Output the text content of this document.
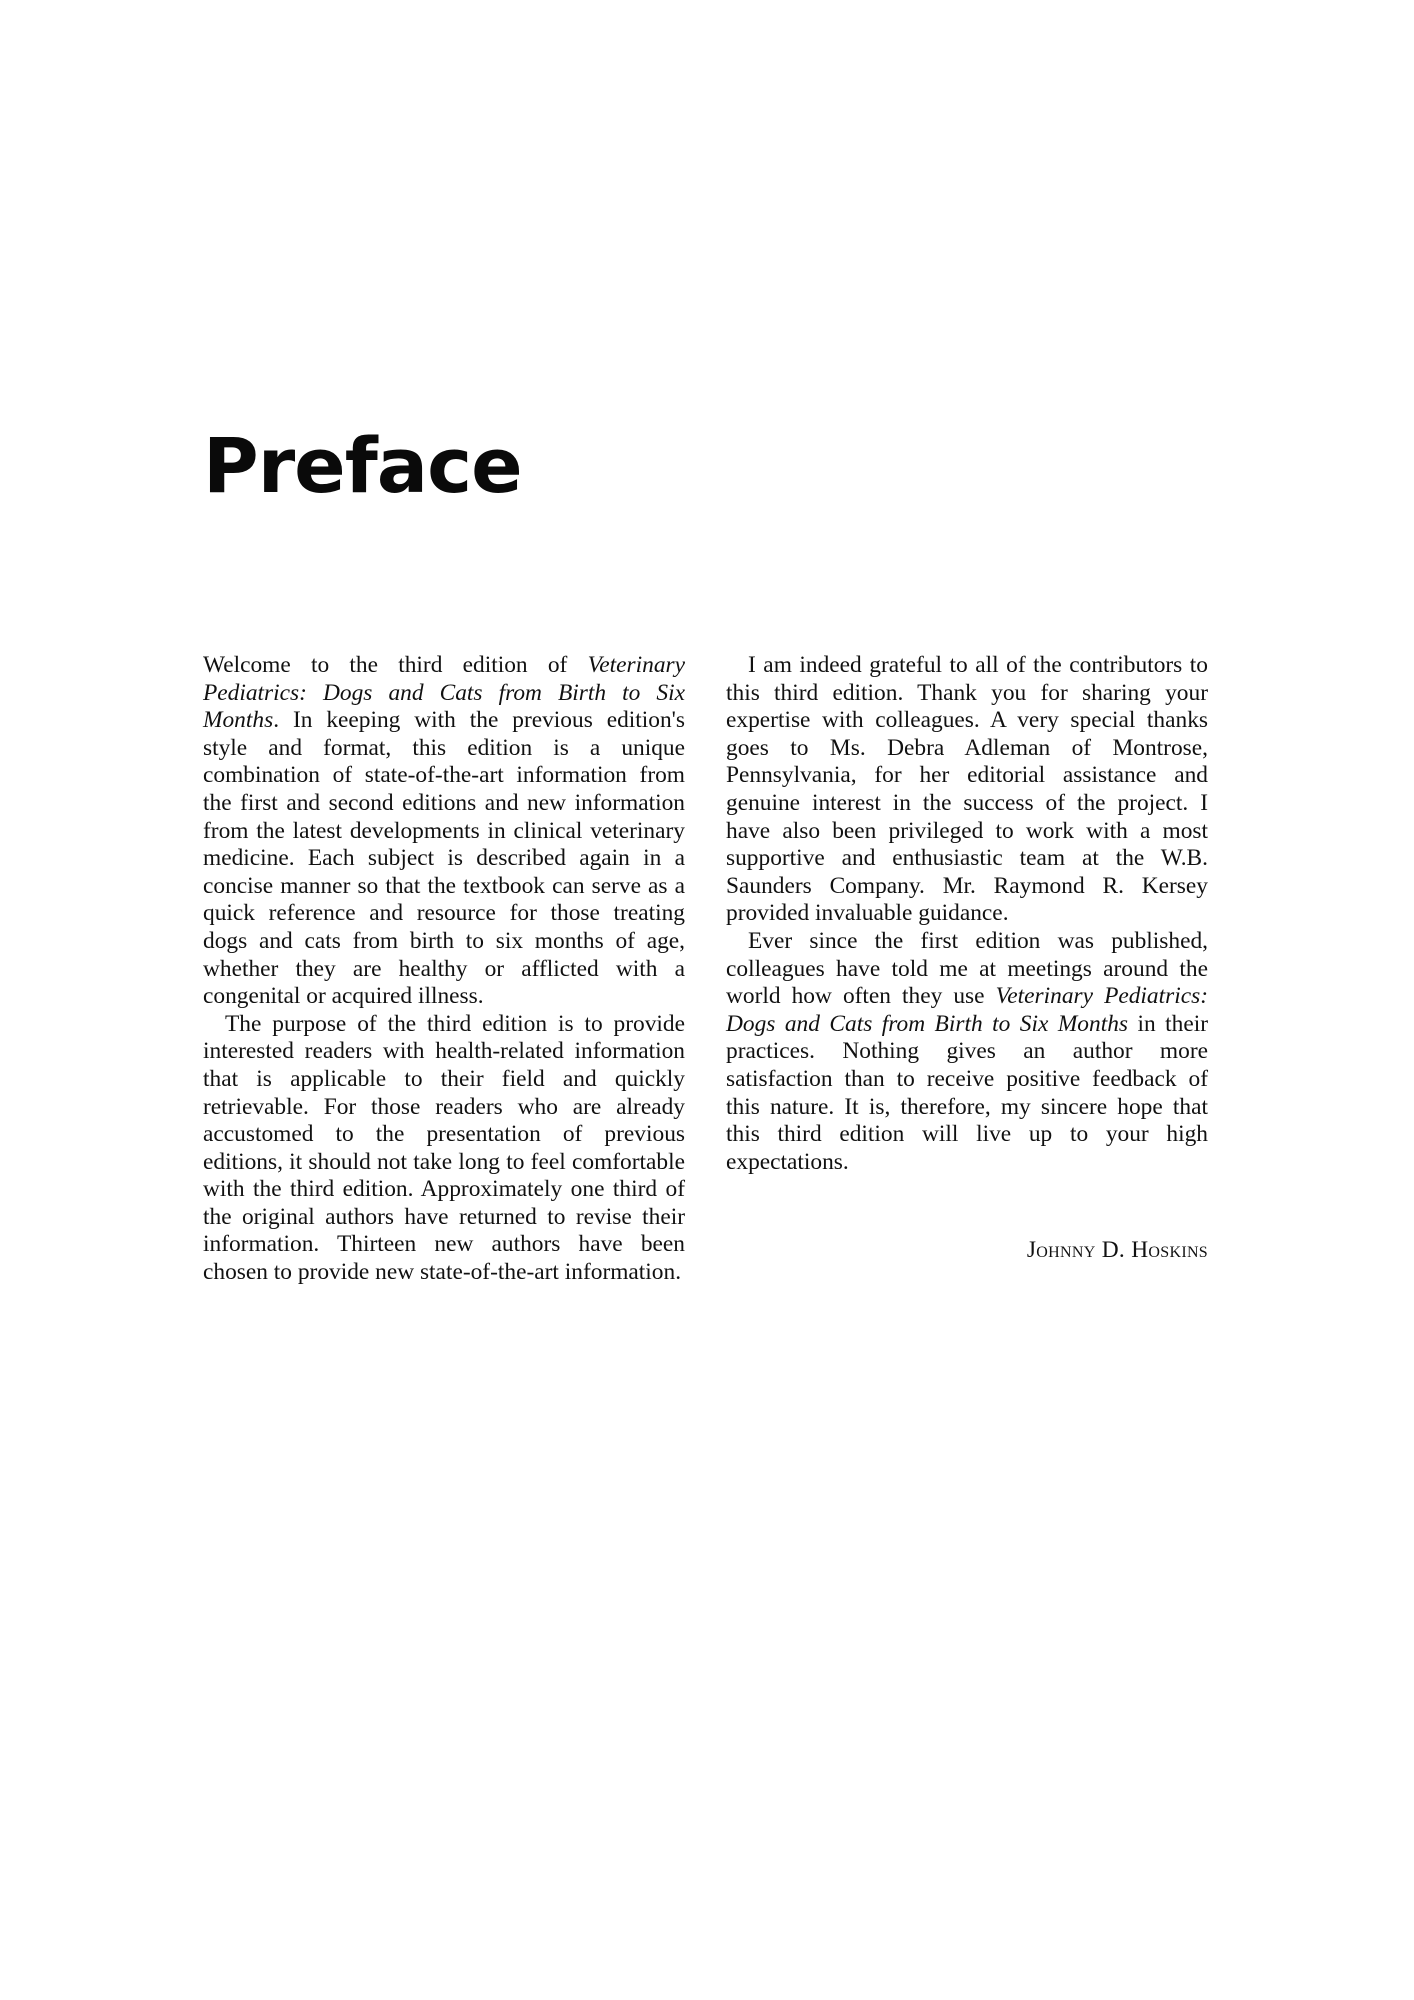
Preface

Welcome to the third edition of Veterinary Pediatrics: Dogs and Cats from Birth to Six Months. In keeping with the previous edition's style and format, this edition is a unique combination of state-of-the-art information from the first and second editions and new information from the latest developments in clinical veterinary medicine. Each subject is described again in a concise manner so that the textbook can serve as a quick reference and resource for those treating dogs and cats from birth to six months of age, whether they are healthy or afflicted with a congenital or acquired illness.

The purpose of the third edition is to provide interested readers with health-related information that is applicable to their field and quickly retrievable. For those readers who are already accustomed to the presentation of previous editions, it should not take long to feel comfortable with the third edition. Approximately one third of the original authors have returned to revise their information. Thirteen new authors have been chosen to provide new state-of-the-art information.

I am indeed grateful to all of the contributors to this third edition. Thank you for sharing your expertise with colleagues. A very special thanks goes to Ms. Debra Adleman of Montrose, Pennsylvania, for her editorial assistance and genuine interest in the success of the project. I have also been privileged to work with a most supportive and enthusiastic team at the W.B. Saunders Company. Mr. Raymond R. Kersey provided invaluable guidance.

Ever since the first edition was published, colleagues have told me at meetings around the world how often they use Veterinary Pediatrics: Dogs and Cats from Birth to Six Months in their practices. Nothing gives an author more satisfaction than to receive positive feedback of this nature. It is, therefore, my sincere hope that this third edition will live up to your high expectations.

Johnny D. Hoskins
